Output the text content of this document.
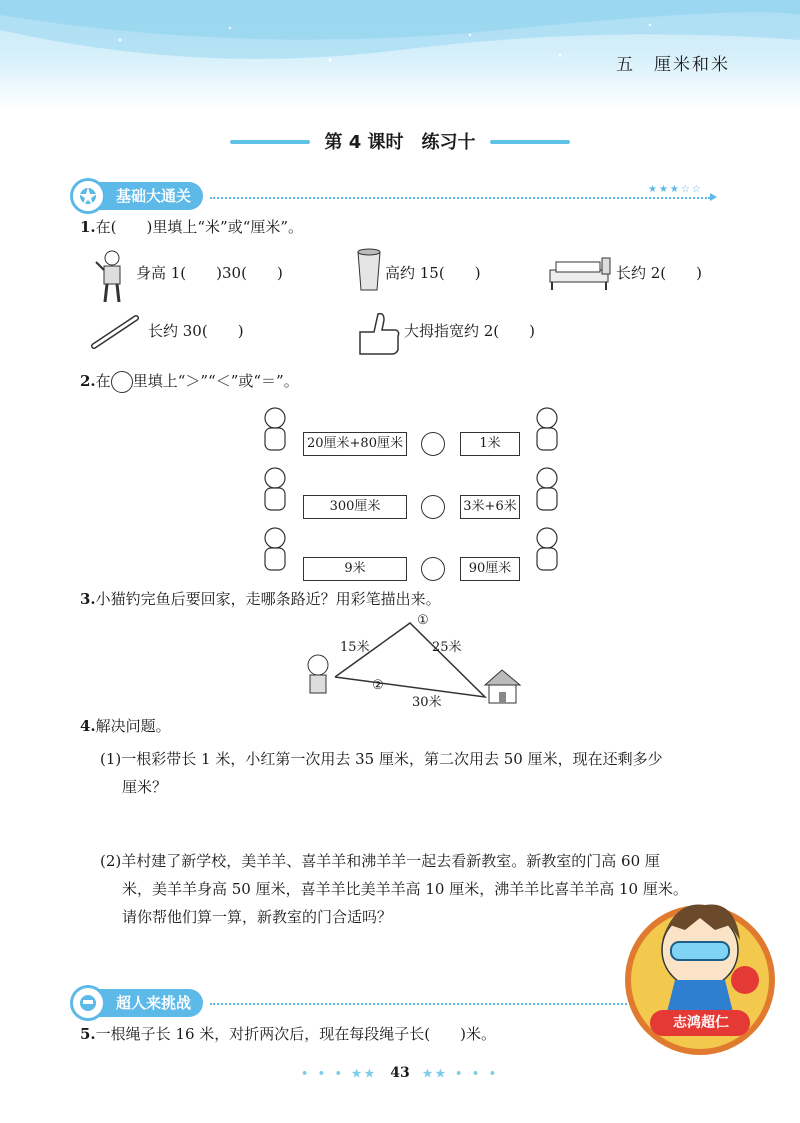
五　厘米和米
第 4 课时　练习十
基础大通关	★★★☆☆
1.在(　　)里填上“米”或“厘米”。
身高 1(　　)30(　　)	高约 15(　　)	长约 2(　　)
长约 30(　　)	大拇指宽约 2(　　)
2.在 里填上“＞”“＜”或“＝”。
20厘米+80厘米	1米
300厘米	3米+6米
9米	90厘米
3.小猫钓完鱼后要回家，走哪条路近？用彩笔描出来。
15米	25米
30米
①
②
4.解决问题。
(1)一根彩带长 1 米，小红第一次用去 35 厘米，第二次用去 50 厘米，现在还剩多少
厘米？
(2)羊村建了新学校，美羊羊、喜羊羊和沸羊羊一起去看新教室。新教室的门高 60 厘
米，美羊羊身高 50 厘米，喜羊羊比美羊羊高 10 厘米，沸羊羊比喜羊羊高 10 厘米。
请你帮他们算一算，新教室的门合适吗？
超人来挑战
5.一根绳子长 16 米，对折两次后，现在每段绳子长(　　)米。
志鸿超仁
• • • ★★ 43 ★★ • • •
